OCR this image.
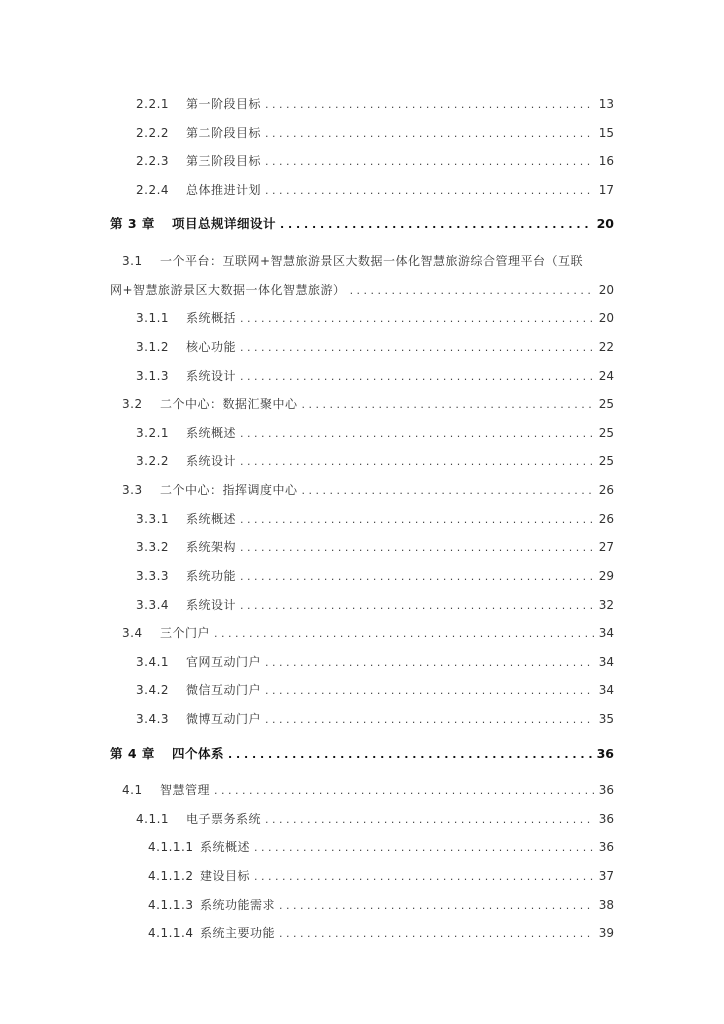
2.2.1	第一阶段目标 . . .	13
2.2.2	第二阶段目标 . . .	15
2.2.3	第三阶段目标 . . .	16
2.2.4	总体推进计划 . . .	17
第 3 章	项目总规详细设计 . . .	20
3.1 一个平台：互联网+智慧旅游景区大数据一体化智慧旅游综合管理平台（互联
网+智慧旅游景区大数据一体化智慧旅游） . . .	20
3.1.1	系统概括 . . .	20
3.1.2	核心功能 . . .	22
3.1.3	系统设计 . . .	24
3.2	二个中心：数据汇聚中心 . . .	25
3.2.1	系统概述 . . .	25
3.2.2	系统设计 . . .	25
3.3	二个中心：指挥调度中心 . . .	26
3.3.1	系统概述 . . .	26
3.3.2	系统架构 . . .	27
3.3.3	系统功能 . . .	29
3.3.4	系统设计 . . .	32
3.4	三个门户 . . .	34
3.4.1	官网互动门户 . . .	34
3.4.2	微信互动门户 . . .	34
3.4.3	微博互动门户 . . .	35
第 4 章	四个体系 . . .	36
4.1	智慧管理 . . .	36
4.1.1	电子票务系统 . . .	36
4.1.1.1 系统概述 . . .	36
4.1.1.2 建设目标 . . .	37
4.1.1.3 系统功能需求 . . .	38
4.1.1.4 系统主要功能 . . .	39
